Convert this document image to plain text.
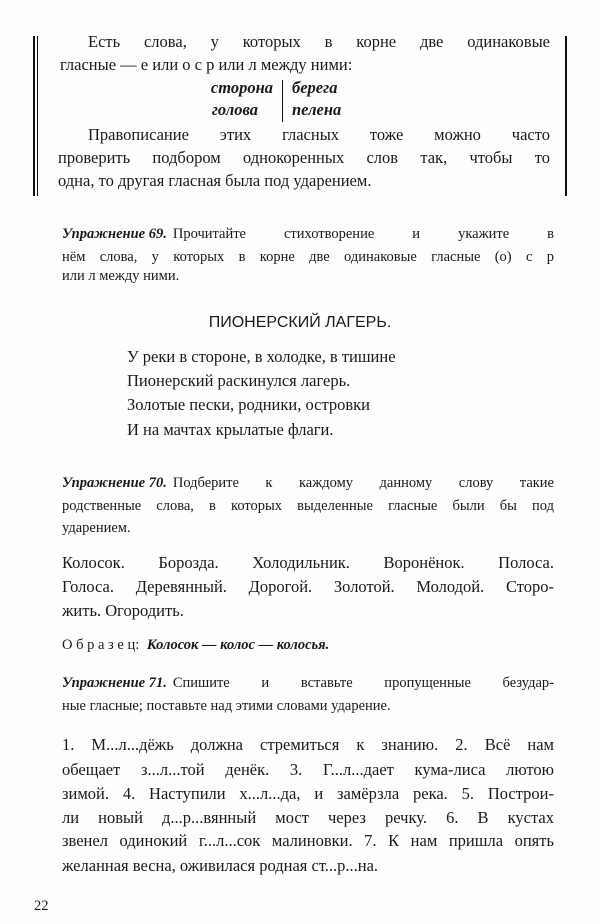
Есть слова, у которых в корне две одинаковые
гласные — е или о с р или л между ними:
сторона
голова
берега
пелена
Правописание этих гласных тоже можно часто
проверить подбором однокоренных слов так, чтобы то
одна, то другая гласная была под ударением.
Упражнение 69. Прочитайте стихотворение и укажите в
нём слова, у которых в корне две одинаковые гласные (о) с р
или л между ними.
ПИОНЕРСКИЙ ЛАГЕРЬ.
У реки в стороне, в холодке, в тишине
Пионерский раскинулся лагерь.
Золотые пески, родники, островки
И на мачтах крылатые флаги.
Упражнение 70. Подберите к каждому данному слову такие
родственные слова, в которых выделенные гласные были бы под
ударением.
Колосок. Борозда. Холодильник. Воронёнок. Полоса.
Голоса. Деревянный. Дорогой. Золотой. Молодой. Сторо-
жить. Огородить.
О б р а з е ц: Колосок — колос — колосья.
Упражнение 71. Спишите и вставьте пропущенные безудар-
ные гласные; поставьте над этими словами ударение.
1. М...л...дёжь должна стремиться к знанию. 2. Всё нам
обещает з...л...той денёк. 3. Г...л...дает кума-лиса лютою
зимой. 4. Наступили х...л...да, и замёрзла река. 5. Построи-
ли новый д...р...вянный мост через речку. 6. В кустах
звенел одинокий г...л...сок малиновки. 7. К нам пришла опять
желанная весна, оживилася родная ст...р...на.
22
